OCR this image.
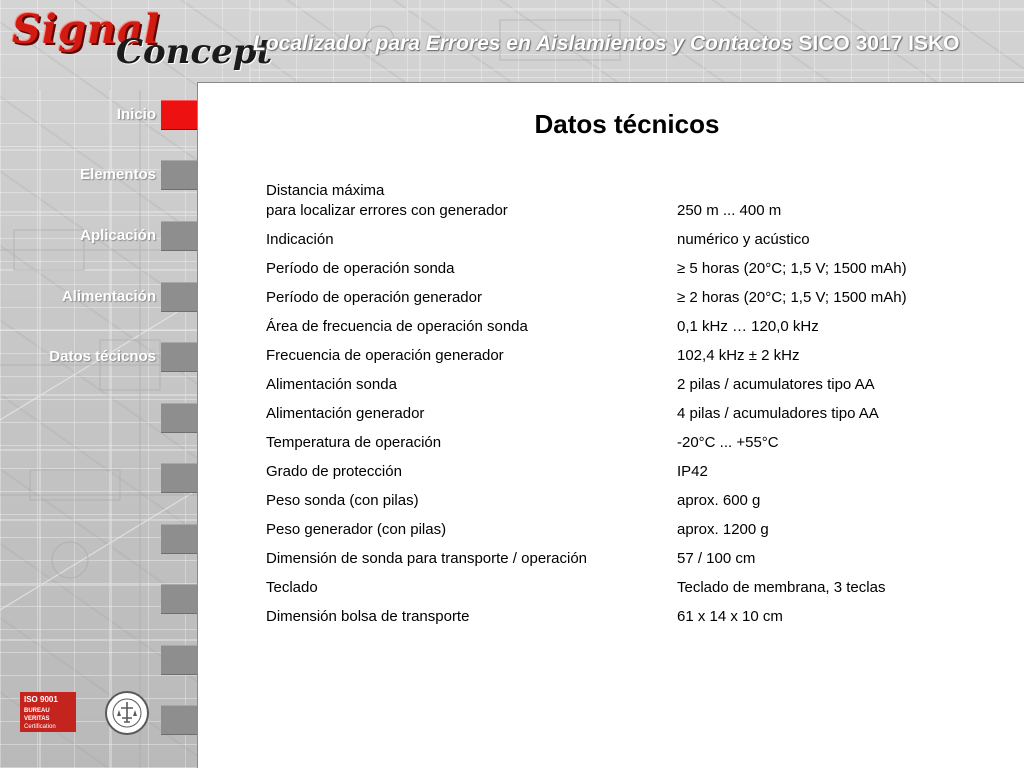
Signal
Concept
Localizador para Errores en Aislamientos y Contactos SICO 3017 ISKO
Inicio
Elementos
Aplicación
Alimentación
Datos técicnos
ISO 9001
BUREAU VERITAS
Certification
Datos técnicos
Distancia máxima
para localizar errores con generador	250 m ... 400 m
Indicación	numérico y acústico
Período de operación sonda	≥ 5 horas (20°C; 1,5 V; 1500 mAh)
Período de operación generador	≥ 2 horas (20°C; 1,5 V; 1500 mAh)
Área de frecuencia de operación sonda	0,1 kHz … 120,0 kHz
Frecuencia de operación generador	102,4 kHz ± 2 kHz
Alimentación sonda	2 pilas / acumulatores tipo AA
Alimentación generador	4 pilas / acumuladores tipo AA
Temperatura de operación	-20°C ... +55°C
Grado de protección	IP42
Peso sonda (con pilas)	aprox. 600 g
Peso generador (con pilas)	aprox. 1200 g
Dimensión de sonda para transporte / operación	57 / 100 cm
Teclado	Teclado de membrana, 3 teclas
Dimensión bolsa de transporte	61 x 14 x 10 cm
